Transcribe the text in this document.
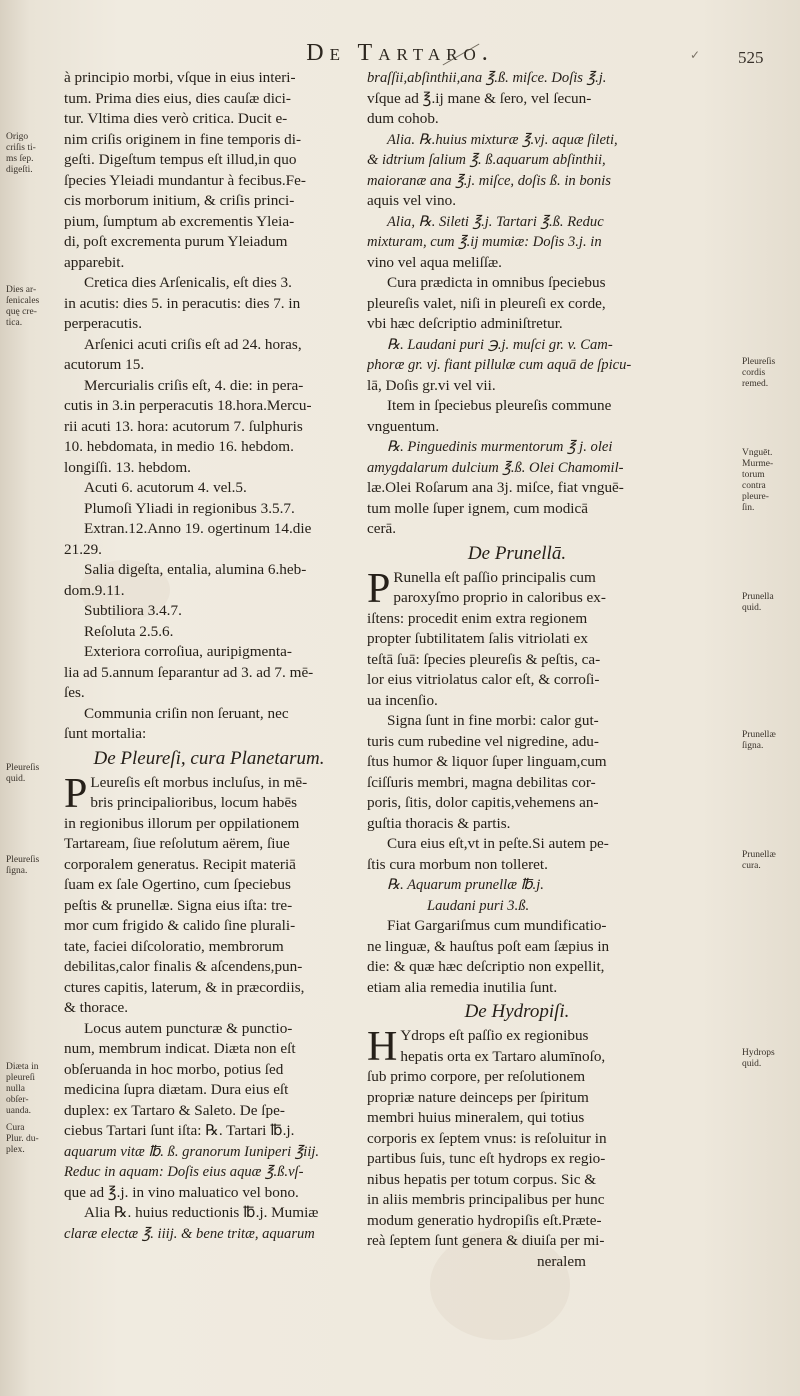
De Tartaro.	✓ 525
à principio morbi, vſque in eius interi-
tum. Prima dies eius, dies cauſæ dici-
tur. Vltima dies verò critica. Ducit e-
nim criſis originem in fine temporis di-
geſti. Digeſtum tempus eſt illud,in quo
ſpecies Yleiadi mundantur à fecibus.Fe-
cis morborum initium, & criſis princi-
pium, ſumptum ab excrementis Yleia-
di, poſt excrementa purum Yleiadum
apparebit.
Cretica dies Arſenicalis, eſt dies 3.
in acutis: dies 5. in peracutis: dies 7. in
perperacutis.
Arſenici acuti criſis eſt ad 24. horas,
acutorum 15.
Mercurialis criſis eſt, 4. die: in pera-
cutis in 3.in perperacutis 18.hora.Mercu-
rii acuti 13. hora: acutorum 7. ſulphuris
10. hebdomata, in medio 16. hebdom.
longiſſi. 13. hebdom.
Acuti 6. acutorum 4. vel.5.
Plumoſi Yliadi in regionibus 3.5.7.
Extran.12.Anno 19. ogertinum 14.die
21.29.
Salia digeſta, entalia, alumina 6.heb-
dom.9.11.
Subtiliora 3.4.7.
Reſoluta 2.5.6.
Exteriora corroſiua, auripigmenta-
lia ad 5.annum ſeparantur ad 3. ad 7. mē-
ſes.
Communia criſin non ſeruant, nec
ſunt mortalia:
De Pleureſi, cura Planetarum.
P Leureſis eſt morbus incluſus, in mē-
bris principalioribus, locum habēs
in regionibus illorum per oppilationem
Tartaream, ſiue reſolutum aërem, ſiue
corporalem generatus. Recipit materiā
ſuam ex ſale Ogertino, cum ſpeciebus
peſtis & prunellæ. Signa eius iſta: tre-
mor cum frigido & calido ſine plurali-
tate, faciei diſcoloratio, membrorum
debilitas,calor finalis & aſcendens,pun-
ctures capitis, laterum, & in præcordiis,
& thorace.
Locus autem puncturæ & punctio-
num, membrum indicat. Diæta non eſt
obſeruanda in hoc morbo, potius ſed
medicina ſupra diætam. Dura eius eſt
duplex: ex Tartaro & Saleto. De ſpe-
ciebus Tartari ſunt iſta: ℞. Tartari ℔.j.
aquarum vitæ ℔. ß. granorum Iuniperi ℥iij.
Reduc in aquam: Doſis eius aquæ ℥.ß.vſ-
que ad ℥.j. in vino maluatico vel bono.
Alia ℞. huius reductionis ℔.j. Mumiæ
claræ electæ ℥. iiij. & bene tritæ, aquarum
braſſii,abſinthii,ana ℥.ß. miſce. Doſis ℥.j.
vſque ad ℥.ij mane & ſero, vel ſecun-
dum cohob.
Alia. ℞.huius mixturæ ℥.vj. aquæ ſileti,
& idtrium ſalium ℥. ß.aquarum abſinthii,
maioranæ ana ℥.j. miſce, doſis ß. in bonis
aquis vel vino.
Alia, ℞. Sileti ℥.j. Tartari ℥.ß. Reduc
mixturam, cum ℥.ij mumiæ: Doſis 3.j. in
vino vel aqua meliſſæ.
Cura prædicta in omnibus ſpeciebus
pleureſis valet, niſi in pleureſi ex corde,
vbi hæc deſcriptio adminiſtretur.
℞. Laudani puri ℈.j. muſci gr. v. Cam-
phoræ gr. vj. fiant pillulæ cum aquā de ſpicu-
lā, Doſis gr.vi vel vii.
Item in ſpeciebus pleureſis commune
vnguentum.
℞. Pinguedinis murmentorum ℥ j. olei
amygdalarum dulcium ℥.ß. Olei Chamomil-
læ.Olei Roſarum ana 3j. miſce, fiat vnguē-
tum molle ſuper ignem, cum modicā
cerā.
De Prunellā.
P Runella eſt paſſio principalis cum
paroxyſmo proprio in caloribus ex-
iſtens: procedit enim extra regionem
propter ſubtilitatem ſalis vitriolati ex
teſtā ſuā: ſpecies pleureſis & peſtis, ca-
lor eius vitriolatus calor eſt, & corroſi-
ua incenſio.
Signa ſunt in fine morbi: calor gut-
turis cum rubedine vel nigredine, adu-
ſtus humor & liquor ſuper linguam,cum
ſciſſuris membri, magna debilitas cor-
poris, ſitis, dolor capitis,vehemens an-
guſtia thoracis & partis.
Cura eius eſt,vt in peſte.Si autem pe-
ſtis cura morbum non tolleret.
℞. Aquarum prunellæ ℔.j.
Laudani puri 3.ß.
Fiat Gargariſmus cum mundificatio-
ne linguæ, & hauſtus poſt eam ſæpius in
die: & quæ hæc deſcriptio non expellit,
etiam alia remedia inutilia ſunt.
De Hydropiſi.
H Ydrops eſt paſſio ex regionibus
hepatis orta ex Tartaro alumīnoſo,
ſub primo corpore, per reſolutionem
propriæ nature deinceps per ſpiritum
membri huius mineralem, qui totius
corporis ex ſeptem vnus: is reſoluitur in
partibus ſuis, tunc eſt hydrops ex regio-
nibus hepatis per totum corpus. Sic &
in aliis membris principalibus per hunc
modum generatio hydropiſis eſt.Præte-
reà ſeptem ſunt genera & diuiſa per mi-
neralem
Origo
criſis ti-
ms ſep.
digeſti.
Dies ar-
ſenicales
quę cre-
tica.
Pleureſis
quid.
Pleureſis
ſigna.
Diæta in
pleureſi
nulla
obſer-
uanda.
Cura
Plur. du-
plex.
Pleureſis
cordis
remed.
Vnguēt.
Murme-
torum
contra
pleure-
ſin.
Prunella
quid.
Prunellæ
ſigna.
Prunellæ
cura.
Hydrops
quid.
